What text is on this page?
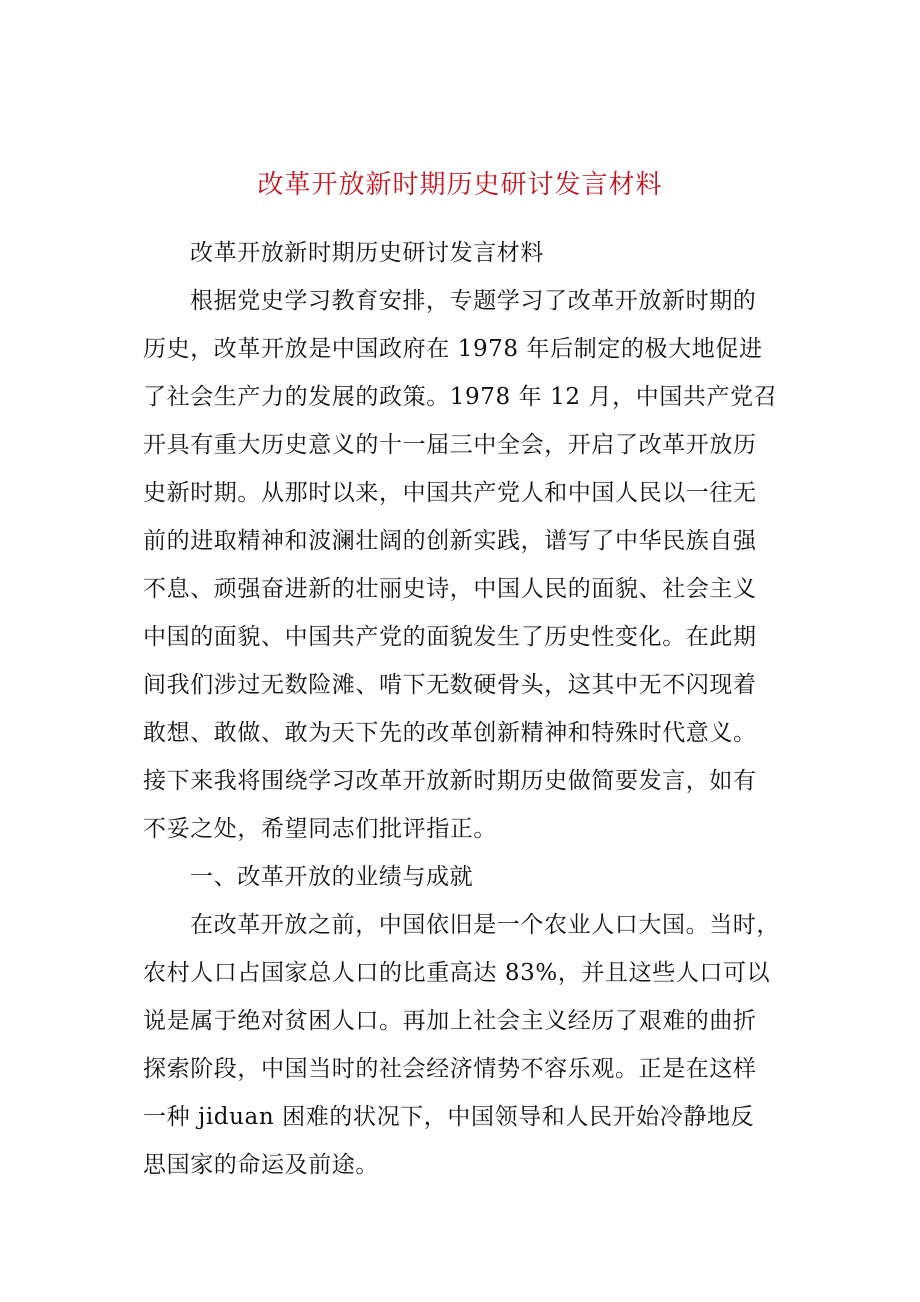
改革开放新时期历史研讨发言材料
改革开放新时期历史研讨发言材料
根据党史学习教育安排，专题学习了改革开放新时期的
历史，改革开放是中国政府在 1978 年后制定的极大地促进
了社会生产力的发展的政策。1978 年 12 月，中国共产党召
开具有重大历史意义的十一届三中全会，开启了改革开放历
史新时期。从那时以来，中国共产党人和中国人民以一往无
前的进取精神和波澜壮阔的创新实践，谱写了中华民族自强
不息、顽强奋进新的壮丽史诗，中国人民的面貌、社会主义
中国的面貌、中国共产党的面貌发生了历史性变化。在此期
间我们涉过无数险滩、啃下无数硬骨头，这其中无不闪现着
敢想、敢做、敢为天下先的改革创新精神和特殊时代意义。
接下来我将围绕学习改革开放新时期历史做简要发言，如有
不妥之处，希望同志们批评指正。
一、改革开放的业绩与成就
在改革开放之前，中国依旧是一个农业人口大国。当时，
农村人口占国家总人口的比重高达 83%，并且这些人口可以
说是属于绝对贫困人口。再加上社会主义经历了艰难的曲折
探索阶段，中国当时的社会经济情势不容乐观。正是在这样
一种 jiduan 困难的状况下，中国领导和人民开始冷静地反
思国家的命运及前途。
